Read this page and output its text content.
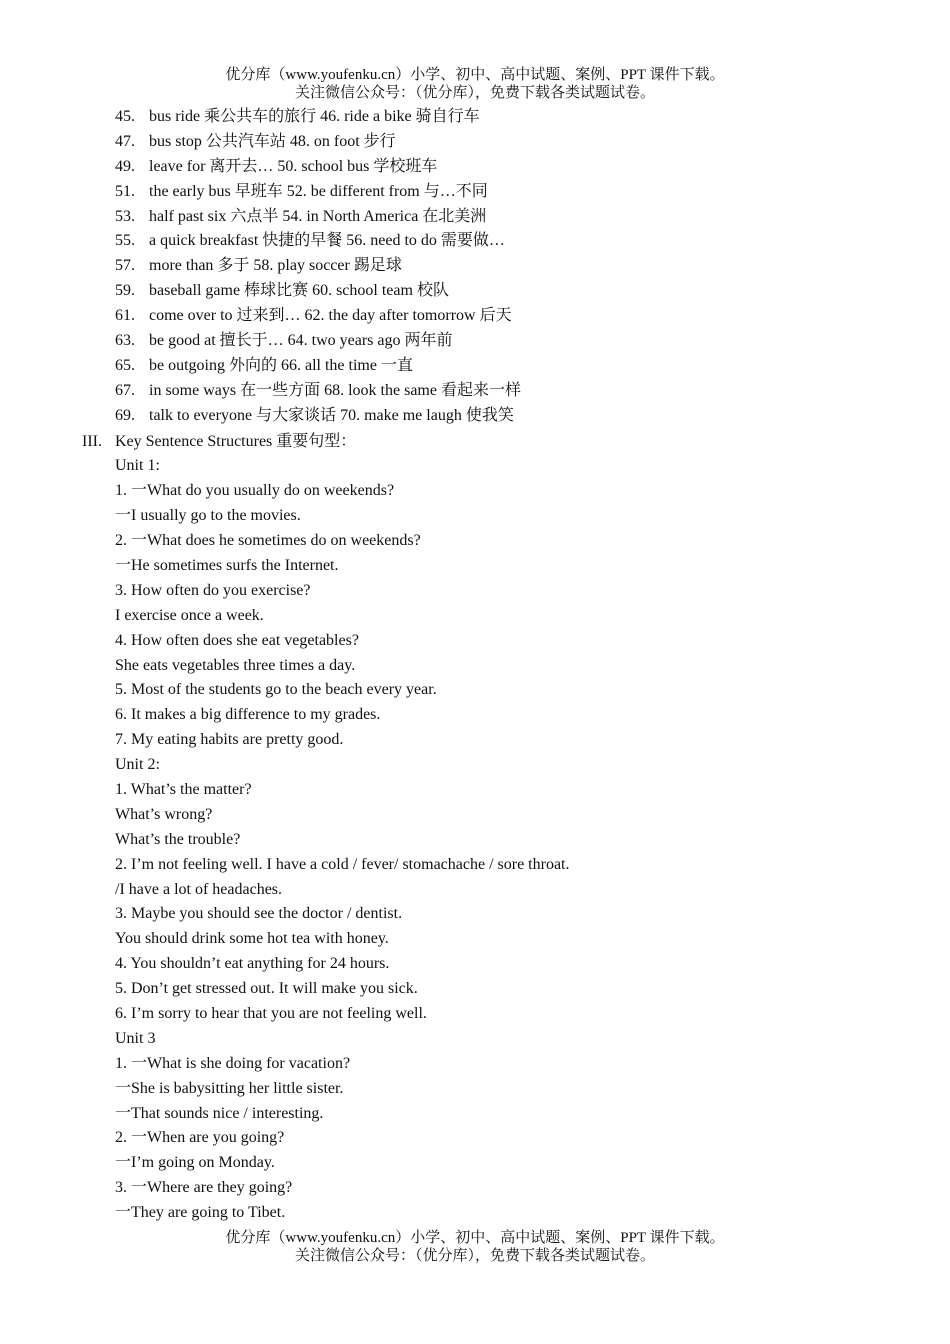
优分库（www.youfenku.cn）小学、初中、高中试题、案例、PPT 课件下载。
关注微信公众号：（优分库），免费下载各类试题试卷。
45. bus ride 乘公共车的旅行 46. ride a bike 骑自行车
47. bus stop 公共汽车站 48. on foot 步行
49. leave for 离开去… 50. school bus 学校班车
51. the early bus 早班车 52. be different from 与…不同
53. half past six 六点半 54. in North America 在北美洲
55. a quick breakfast 快捷的早餐 56. need to do 需要做…
57. more than 多于 58. play soccer 踢足球
59. baseball game 棒球比赛 60. school team 校队
61. come over to 过来到… 62. the day after tomorrow 后天
63. be good at 擅长于… 64. two years ago 两年前
65. be outgoing 外向的 66. all the time 一直
67. in some ways 在一些方面 68. look the same 看起来一样
69. talk to everyone 与大家谈话 70. make me laugh 使我笑
III. Key Sentence Structures 重要句型：
Unit 1:
1. 一What do you usually do on weekends?
一I usually go to the movies.
2. 一What does he sometimes do on weekends?
一He sometimes surfs the Internet.
3. How often do you exercise?
I exercise once a week.
4. How often does she eat vegetables?
She eats vegetables three times a day.
5. Most of the students go to the beach every year.
6. It makes a big difference to my grades.
7. My eating habits are pretty good.
Unit 2:
1. What’s the matter?
What’s wrong?
What’s the trouble?
2. I’m not feeling well. I have a cold / fever/ stomachache / sore throat.
/I have a lot of headaches.
3. Maybe you should see the doctor / dentist.
You should drink some hot tea with honey.
4. You shouldn’t eat anything for 24 hours.
5. Don’t get stressed out. It will make you sick.
6. I’m sorry to hear that you are not feeling well.
Unit 3
1. 一What is she doing for vacation?
一She is babysitting her little sister.
一That sounds nice / interesting.
2. 一When are you going?
一I’m going on Monday.
3. 一Where are they going?
一They are going to Tibet.
优分库（www.youfenku.cn）小学、初中、高中试题、案例、PPT 课件下载。
关注微信公众号：（优分库），免费下载各类试题试卷。
